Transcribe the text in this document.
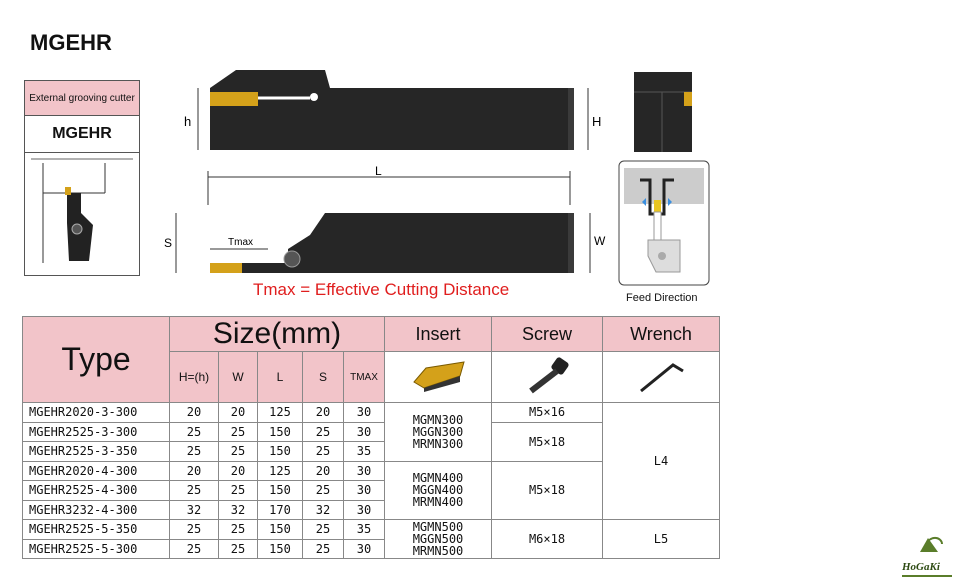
MGEHR
External grooving cutter
MGEHR
h	H
L
S	W
Tmax
Tmax = Effective Cutting Distance	Feed Direction
Type	Size(mm)					Insert	Screw	Wrench
	H=(h)	W	L	S	TMAX			
MGEHR2020-3-300	20	20	125	20	30	MGMN300
MGGN300
MRMN300	M5×16	L4
MGEHR2525-3-300	25	25	150	25	30		M5×18	
MGEHR2525-3-350	25	25	150	25	35			
MGEHR2020-4-300	20	20	125	20	30	MGMN400
MGGN400
MRMN400	M5×18	
MGEHR2525-4-300	25	25	150	25	30			
MGEHR3232-4-300	32	32	170	32	30			
MGEHR2525-5-350	25	25	150	25	35	MGMN500
MGGN500
MRMN500	M6×18	L5
MGEHR2525-5-300	25	25	150	25	30			
HoGaKi
